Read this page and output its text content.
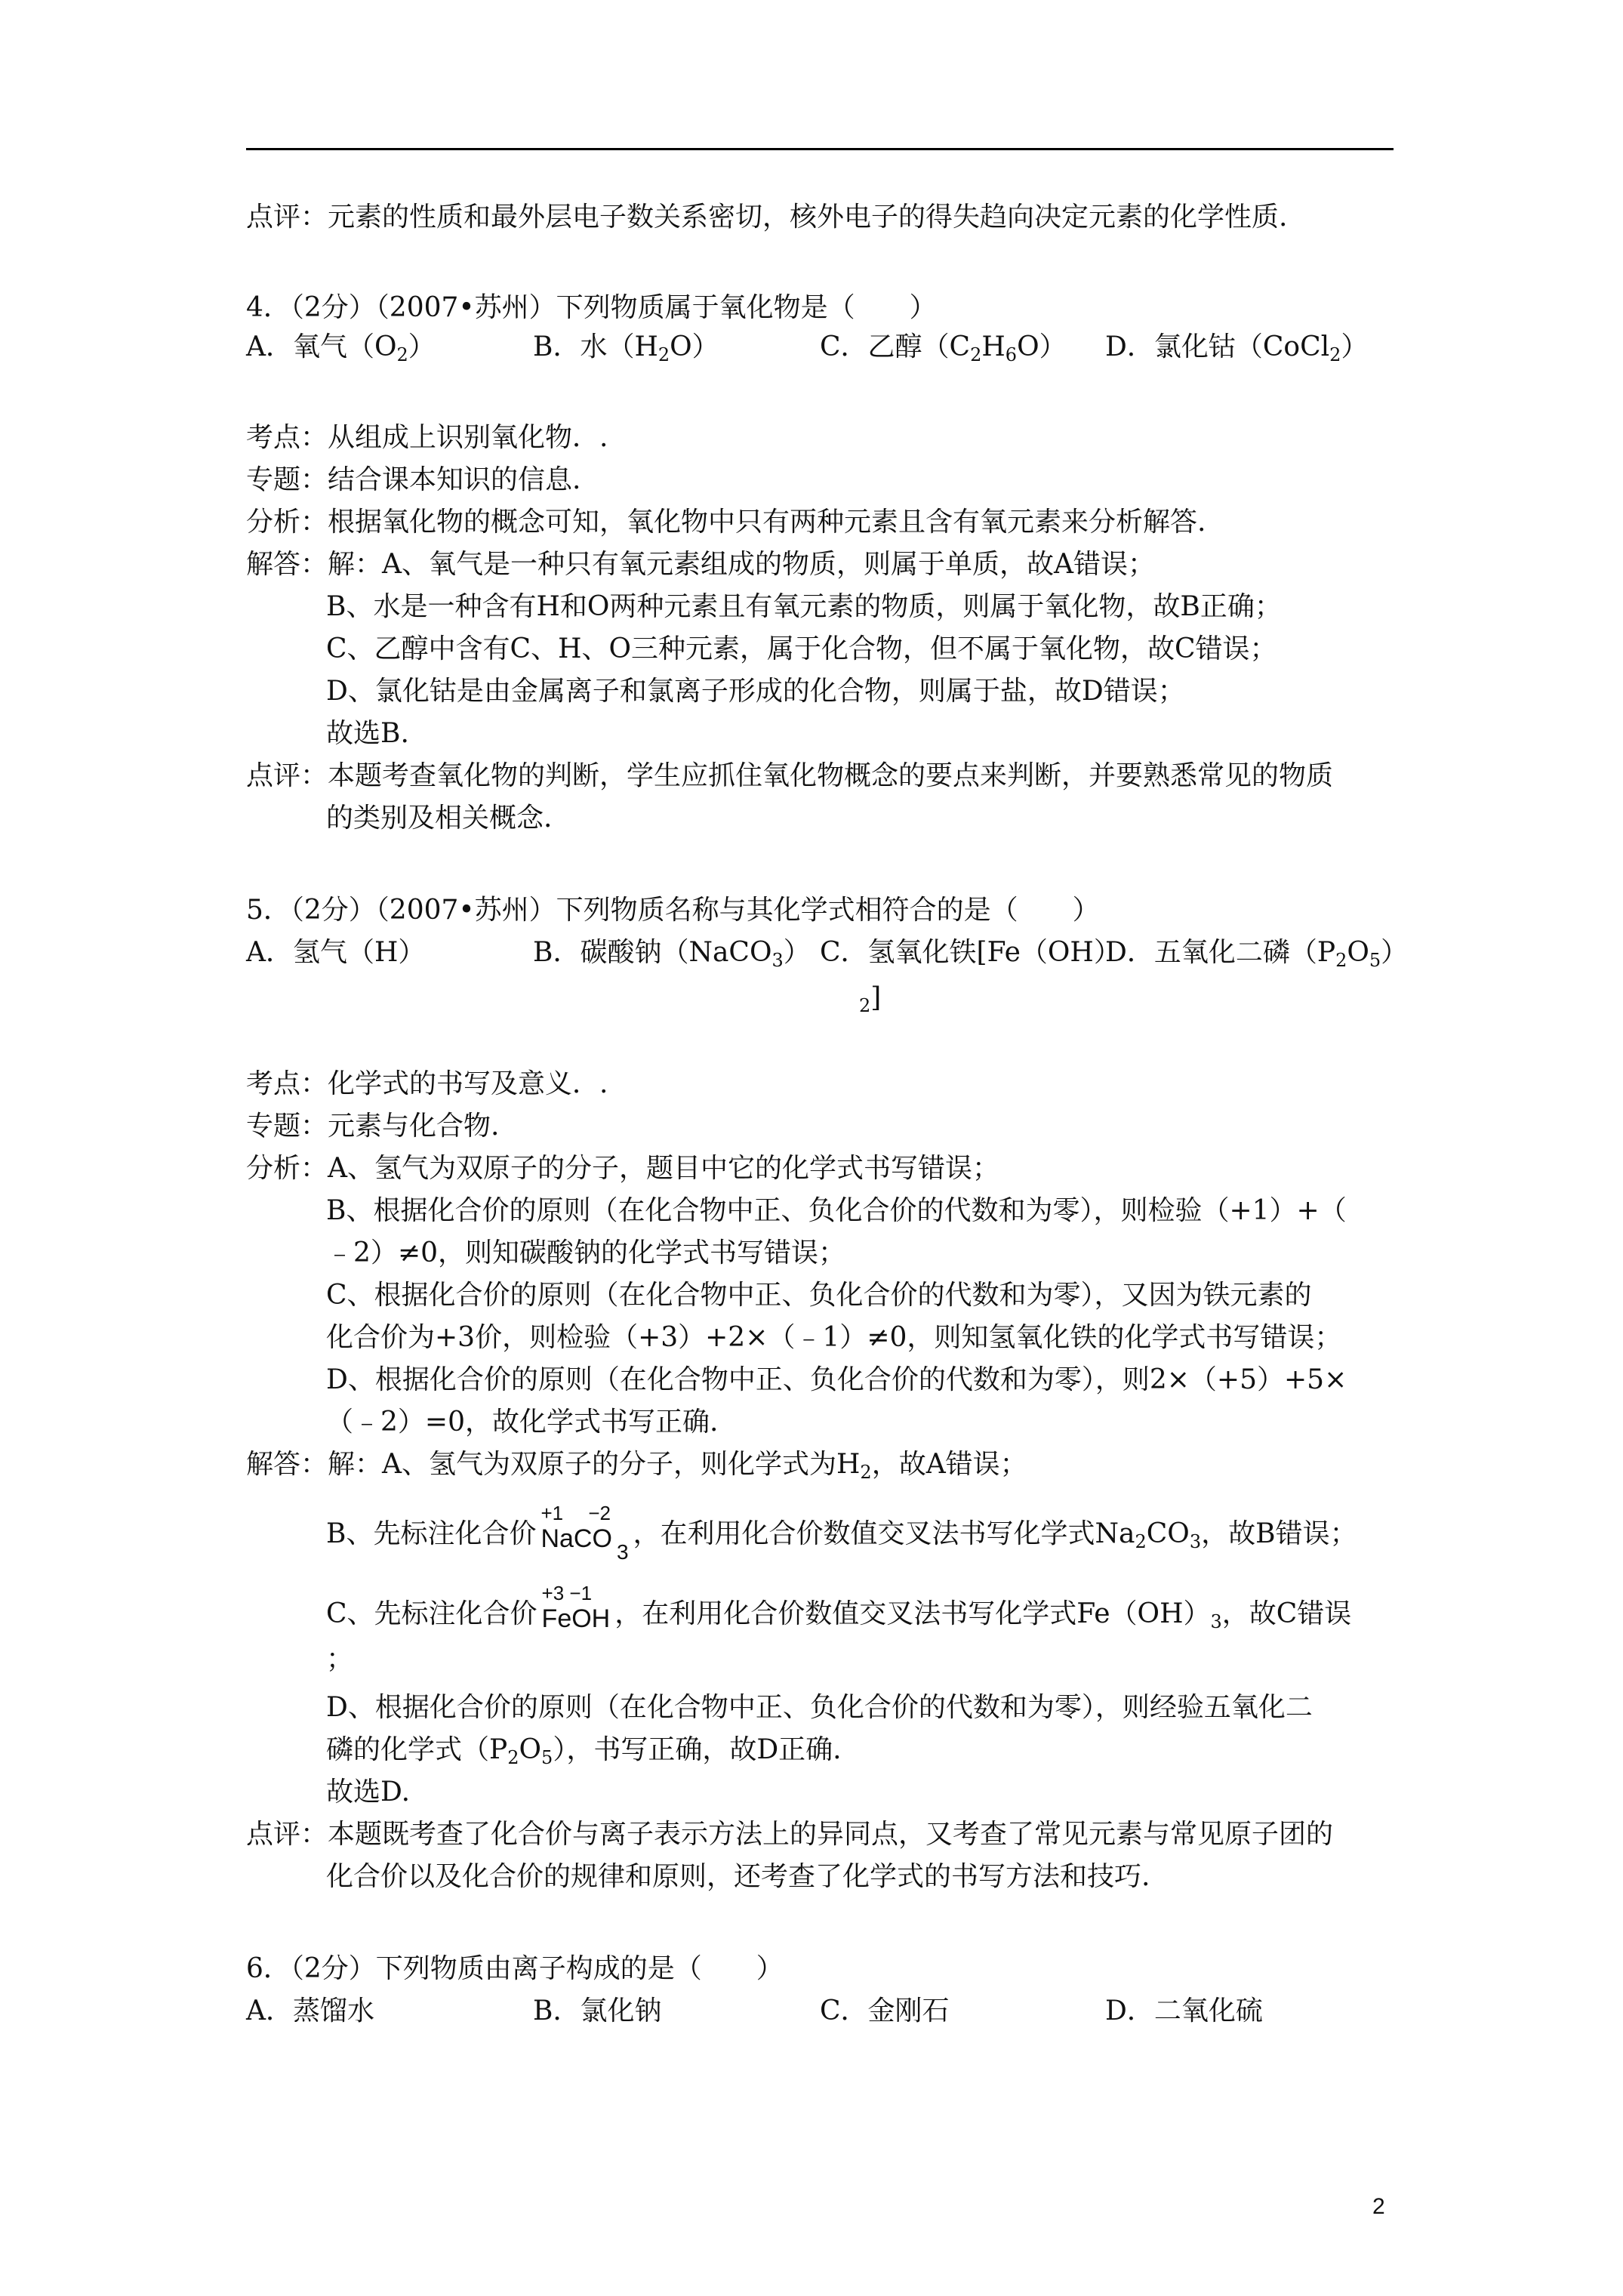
点评：元素的性质和最外层电子数关系密切，核外电子的得失趋向决定元素的化学性质.
4．（2分）（2007•苏州）下列物质属于氧化物是（　　）
A．氧气$(O_2)$	B．水$(H_2O)$	C．乙醇$(C_2H_6O)$ D．氯化钴（CoCl$_2$）
考点：从组成上识别氧化物．.
专题：结合课本知识的信息.
分析：根据氧化物的概念可知，氧化物中只有两种元素且含有氧元素来分析解答.
解答：解：A、氧气是一种只有氧元素组成的物质，则属于单质，故A错误；
B、水是一种含有H和O两种元素且有氧元素的物质，则属于氧化物，故B正确；
C、乙醇中含有C、H、O三种元素，属于化合物，但不属于氧化物，故C错误；
D、氯化钴是由金属离子和氯离子形成的化合物，则属于盐，故D错误；
故选B.
点评：本题考查氧化物的判断，学生应抓住氧化物概念的要点来判断，并要熟悉常见的物质
的类别及相关概念.
5．（2分）（2007•苏州）下列物质名称与其化学式相符合的是（　　）
A．氢气（H）	B．碳酸钠（NaCO$_3$） C．氢氧化铁[Fe（OH）
D．五氧化二磷$(P_2O_5)$
$_2$]
考点：化学式的书写及意义．.
专题：元素与化合物.
分析：A、氢气为双原子的分子，题目中它的化学式书写错误；
B、根据化合价的原则（在化合物中正、负化合价的代数和为零），则检验（+1）+（
﹣2）≠0，则知碳酸钠的化学式书写错误；
C、根据化合价的原则（在化合物中正、负化合价的代数和为零），又因为铁元素的
化合价为+3价，则检验（+3）+2×（﹣1）≠0，则知氢氧化铁的化学式书写错误；
D、根据化合价的原则（在化合物中正、负化合价的代数和为零），则2×（+5）+5×
（﹣2）=0，故化学式书写正确.
解答：解：A、氢气为双原子的分子，则化学式为$H_2$，故A错误；
B、先标注化合价
+1　 −2
NaCO $_3$，在利用化合价数值交叉法书写化学式$Na_2CO_3$，故B错误；
C、先标注化合价
+3 −1
FeOH ，在利用化合价数值交叉法书写化学式$Fe(OH)_3$，故C错误
；
D、根据化合价的原则（在化合物中正、负化合价的代数和为零），则经验五氧化二
磷的化学式$(P_2O_5)$，书写正确，故D正确.
故选D.
点评：本题既考查了化合价与离子表示方法上的异同点，又考查了常见元素与常见原子团的
化合价以及化合价的规律和原则，还考查了化学式的书写方法和技巧.
6．（2分）下列物质由离子构成的是（　　）
A．蒸馏水	B．氯化钠	C．金刚石	D．二氧化硫
2
